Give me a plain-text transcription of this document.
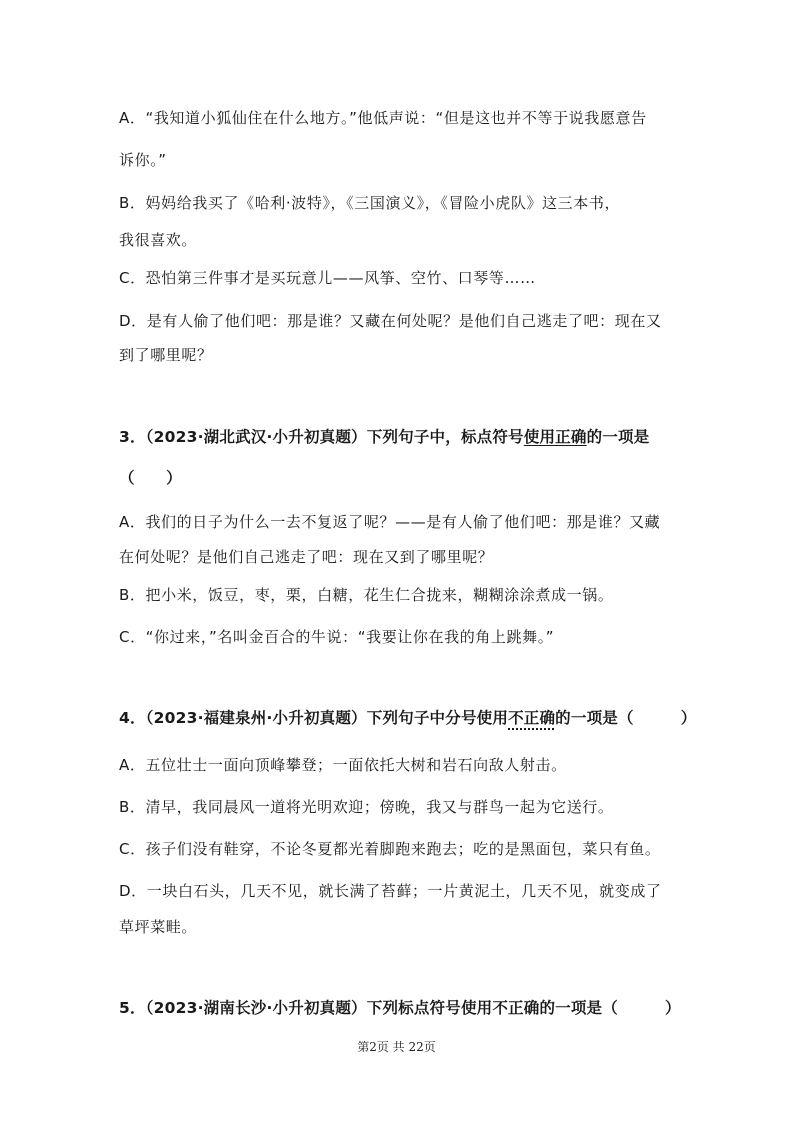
A．“我知道小狐仙住在什么地方。”他低声说：“但是这也并不等于说我愿意告
诉你。”
B．妈妈给我买了《哈利·波特》，《三国演义》，《冒险小虎队》这三本书，
我很喜欢。
C．恐怕第三件事才是买玩意儿——风筝、空竹、口琴等……
D．是有人偷了他们吧：那是谁？又藏在何处呢？是他们自己逃走了吧：现在又
到了哪里呢？
3．（2023·湖北武汉·小升初真题）下列句子中，标点符号使用正确的一项是
（　　）
A．我们的日子为什么一去不复返了呢？——是有人偷了他们吧：那是谁？又藏
在何处呢？是他们自己逃走了吧：现在又到了哪里呢？
B．把小米，饭豆，枣，栗，白糖，花生仁合拢来，糊糊涂涂煮成一锅。
C．“你过来，”名叫金百合的牛说：“我要让你在我的角上跳舞。”
4．（2023·福建泉州·小升初真题）下列句子中分号使用不正确的一项是（　　　）
A．五位壮士一面向顶峰攀登；一面依托大树和岩石向敌人射击。
B．清早，我同晨风一道将光明欢迎；傍晚，我又与群鸟一起为它送行。
C．孩子们没有鞋穿，不论冬夏都光着脚跑来跑去；吃的是黑面包，菜只有鱼。
D．一块白石头，几天不见，就长满了苔藓；一片黄泥土，几天不见，就变成了
草坪菜畦。
5．（2023·湖南长沙·小升初真题）下列标点符号使用不正确的一项是（　　　）
第2页 共 22页
